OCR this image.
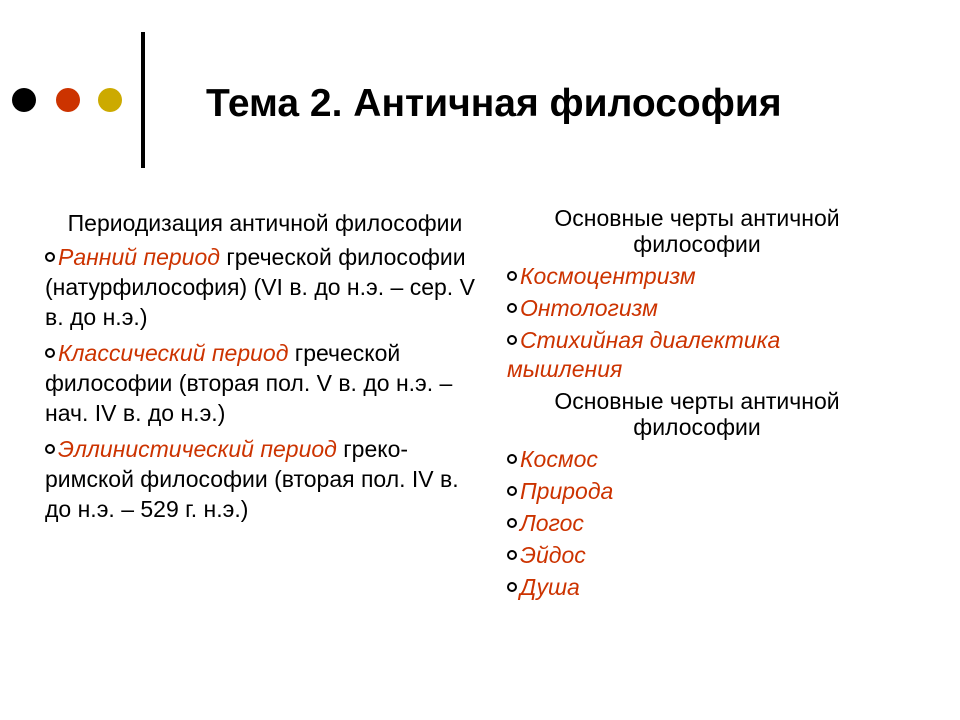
Тема 2. Античная философия
Периодизация античной философии
Ранний период греческой философии (натурфилософия) (VI в. до н.э. – сер. V в. до н.э.)
Классический период греческой философии (вторая пол. V в. до н.э. – нач. IV в. до н.э.)
Эллинистический период греко-римской философии (вторая пол. IV в. до н.э. – 529 г. н.э.)
Основные черты античной философии
Космоцентризм
Онтологизм
Стихийная диалектика мышления
Основные черты античной философии
Космос
Природа
Логос
Эйдос
Душа
